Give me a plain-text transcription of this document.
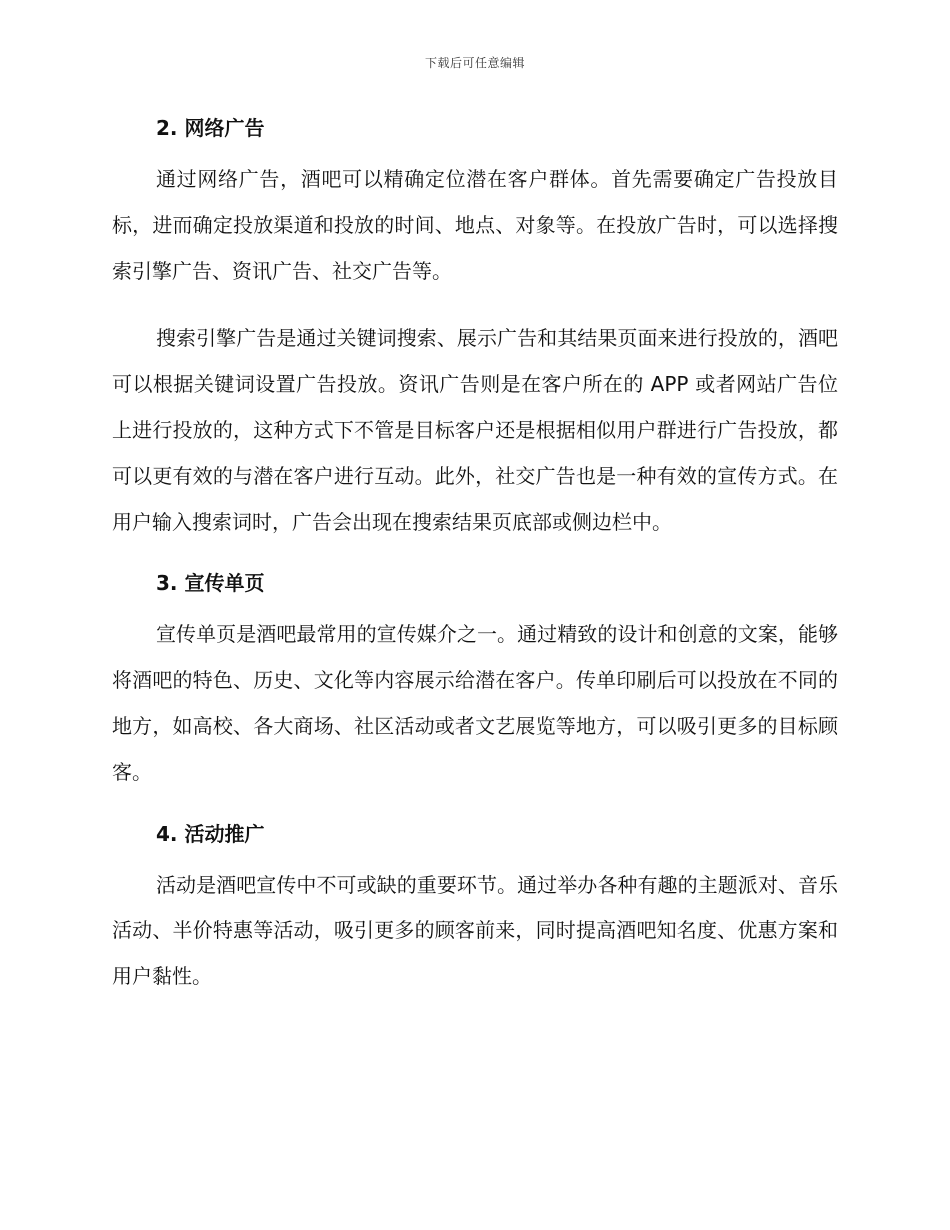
下载后可任意编辑
2. 网络广告

通过网络广告，酒吧可以精确定位潜在客户群体。首先需要确定广告投放目标，进而确定投放渠道和投放的时间、地点、对象等。在投放广告时，可以选择搜索引擎广告、资讯广告、社交广告等。

搜索引擎广告是通过关键词搜索、展示广告和其结果页面来进行投放的，酒吧可以根据关键词设置广告投放。资讯广告则是在客户所在的 APP 或者网站广告位上进行投放的，这种方式下不管是目标客户还是根据相似用户群进行广告投放，都可以更有效的与潜在客户进行互动。此外，社交广告也是一种有效的宣传方式。在用户输入搜索词时，广告会出现在搜索结果页底部或侧边栏中。

3. 宣传单页

宣传单页是酒吧最常用的宣传媒介之一。通过精致的设计和创意的文案，能够将酒吧的特色、历史、文化等内容展示给潜在客户。传单印刷后可以投放在不同的地方，如高校、各大商场、社区活动或者文艺展览等地方，可以吸引更多的目标顾客。

4. 活动推广

活动是酒吧宣传中不可或缺的重要环节。通过举办各种有趣的主题派对、音乐活动、半价特惠等活动，吸引更多的顾客前来，同时提高酒吧知名度、优惠方案和用户黏性。
